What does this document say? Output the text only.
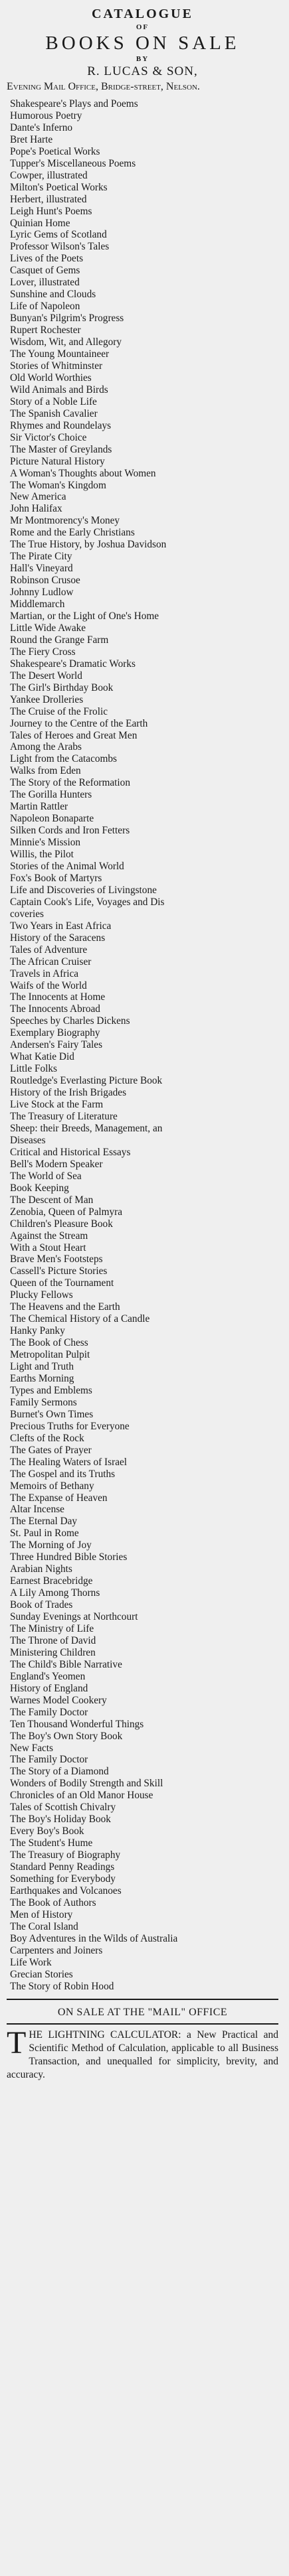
CATALOGUE

OF

BOOKS ON SALE

BY

R. LUCAS & SON,

Evening Mail Office, Bridge-street, Nelson.

Shakespeare's Plays and Poems
Humorous Poetry
Dante's Inferno
Bret Harte
Pope's Poetical Works
Tupper's Miscellaneous Poems
Cowper, illustrated
Milton's Poetical Works
Herbert, illustrated
Leigh Hunt's Poems
Quinian Home
Lyric Gems of Scotland
Professor Wilson's Tales
Lives of the Poets
Casquet of Gems
Lover, illustrated
Sunshine and Clouds
Life of Napoleon
Bunyan's Pilgrim's Progress
Rupert Rochester
Wisdom, Wit, and Allegory
The Young Mountaineer
Stories of Whitminster
Old World Worthies
Wild Animals and Birds
Story of a Noble Life
The Spanish Cavalier
Rhymes and Roundelays
Sir Victor's Choice
The Master of Greylands
Picture Natural History
A Woman's Thoughts about Women
The Woman's Kingdom
New America
John Halifax
Mr Montmorency's Money
Rome and the Early Christians
The True History, by Joshua Davidson
The Pirate City
Hall's Vineyard
Robinson Crusoe
Johnny Ludlow
Middlemarch
Martian, or the Light of One's Home
Little Wide Awake
Round the Grange Farm
The Fiery Cross
Shakespeare's Dramatic Works
The Desert World
The Girl's Birthday Book
Yankee Drolleries
The Cruise of the Frolic
Journey to the Centre of the Earth
Tales of Heroes and Great Men
Among the Arabs
Light from the Catacombs
Walks from Eden
The Story of the Reformation
The Gorilla Hunters
Martin Rattler
Napoleon Bonaparte
Silken Cords and Iron Fetters
Minnie's Mission
Willis, the Pilot
Stories of the Animal World
Fox's Book of Martyrs
Life and Discoveries of Livingstone
Captain Cook's Life, Voyages and Dis
coveries
Two Years in East Africa
History of the Saracens
Tales of Adventure
The African Cruiser
Travels in Africa
Waifs of the World
The Innocents at Home
The Innocents Abroad
Speeches by Charles Dickens
Exemplary Biography
Andersen's Fairy Tales
What Katie Did
Little Folks
Routledge's Everlasting Picture Book
History of the Irish Brigades
Live Stock at the Farm
The Treasury of Literature
Sheep: their Breeds, Management, an
Diseases
Critical and Historical Essays
Bell's Modern Speaker
The World of Sea
Book Keeping
The Descent of Man
Zenobia, Queen of Palmyra
Children's Pleasure Book
Against the Stream
With a Stout Heart
Brave Men's Footsteps
Cassell's Picture Stories
Queen of the Tournament
Plucky Fellows
The Heavens and the Earth
The Chemical History of a Candle
Hanky Panky
The Book of Chess
Metropolitan Pulpit
Light and Truth
Earths Morning
Types and Emblems
Family Sermons
Burnet's Own Times
Precious Truths for Everyone
Clefts of the Rock
The Gates of Prayer
The Healing Waters of Israel
The Gospel and its Truths
Memoirs of Bethany
The Expanse of Heaven
Altar Incense
The Eternal Day
St. Paul in Rome
The Morning of Joy
Three Hundred Bible Stories
Arabian Nights
Earnest Bracebridge
A Lily Among Thorns
Book of Trades
Sunday Evenings at Northcourt
The Ministry of Life
The Throne of David
Ministering Children
The Child's Bible Narrative
England's Yeomen
History of England
Warnes Model Cookery
The Family Doctor
Ten Thousand Wonderful Things
The Boy's Own Story Book
New Facts
The Family Doctor
The Story of a Diamond
Wonders of Bodily Strength and Skill
Chronicles of an Old Manor House
Tales of Scottish Chivalry
The Boy's Holiday Book
Every Boy's Book
The Student's Hume
The Treasury of Biography
Standard Penny Readings
Something for Everybody
Earthquakes and Volcanoes
The Book of Authors
Men of History
The Coral Island
Boy Adventures in the Wilds of Australia
Carpenters and Joiners
Life Work
Grecian Stories
The Story of Robin Hood

ON SALE AT THE "MAIL" OFFICE

THE LIGHTNING CALCULATOR: a New Practical and Scientific Method of Calculation, applicable to all Business Transaction, and unequalled for simplicity, brevity, and accuracy.
